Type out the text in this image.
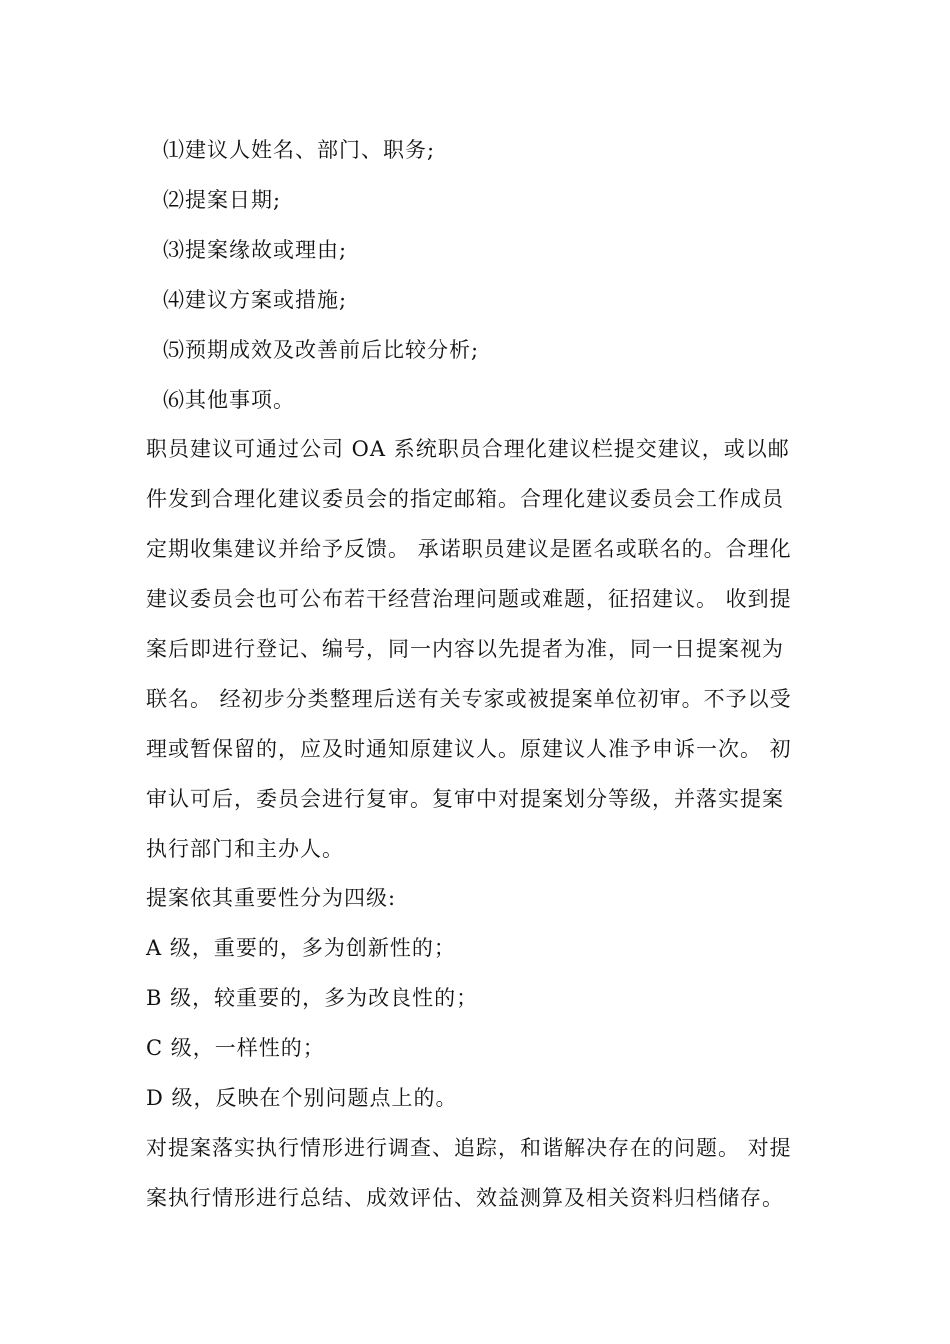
⑴建议人姓名、部门、职务;
⑵提案日期;
⑶提案缘故或理由;
⑷建议方案或措施;
⑸预期成效及改善前后比较分析;
⑹其他事项。
职员建议可通过公司 OA 系统职员合理化建议栏提交建议，或以邮
件发到合理化建议委员会的指定邮箱。合理化建议委员会工作成员
定期收集建议并给予反馈。 承诺职员建议是匿名或联名的。合理化
建议委员会也可公布若干经营治理问题或难题，征招建议。 收到提
案后即进行登记、编号，同一内容以先提者为准，同一日提案视为
联名。 经初步分类整理后送有关专家或被提案单位初审。不予以受
理或暂保留的，应及时通知原建议人。原建议人准予申诉一次。 初
审认可后，委员会进行复审。复审中对提案划分等级，并落实提案
执行部门和主办人。
提案依其重要性分为四级:
A 级，重要的，多为创新性的；
B 级，较重要的，多为改良性的；
C 级，一样性的；
D 级，反映在个别问题点上的。
对提案落实执行情形进行调查、追踪，和谐解决存在的问题。 对提
案执行情形进行总结、成效评估、效益测算及相关资料归档储存。
